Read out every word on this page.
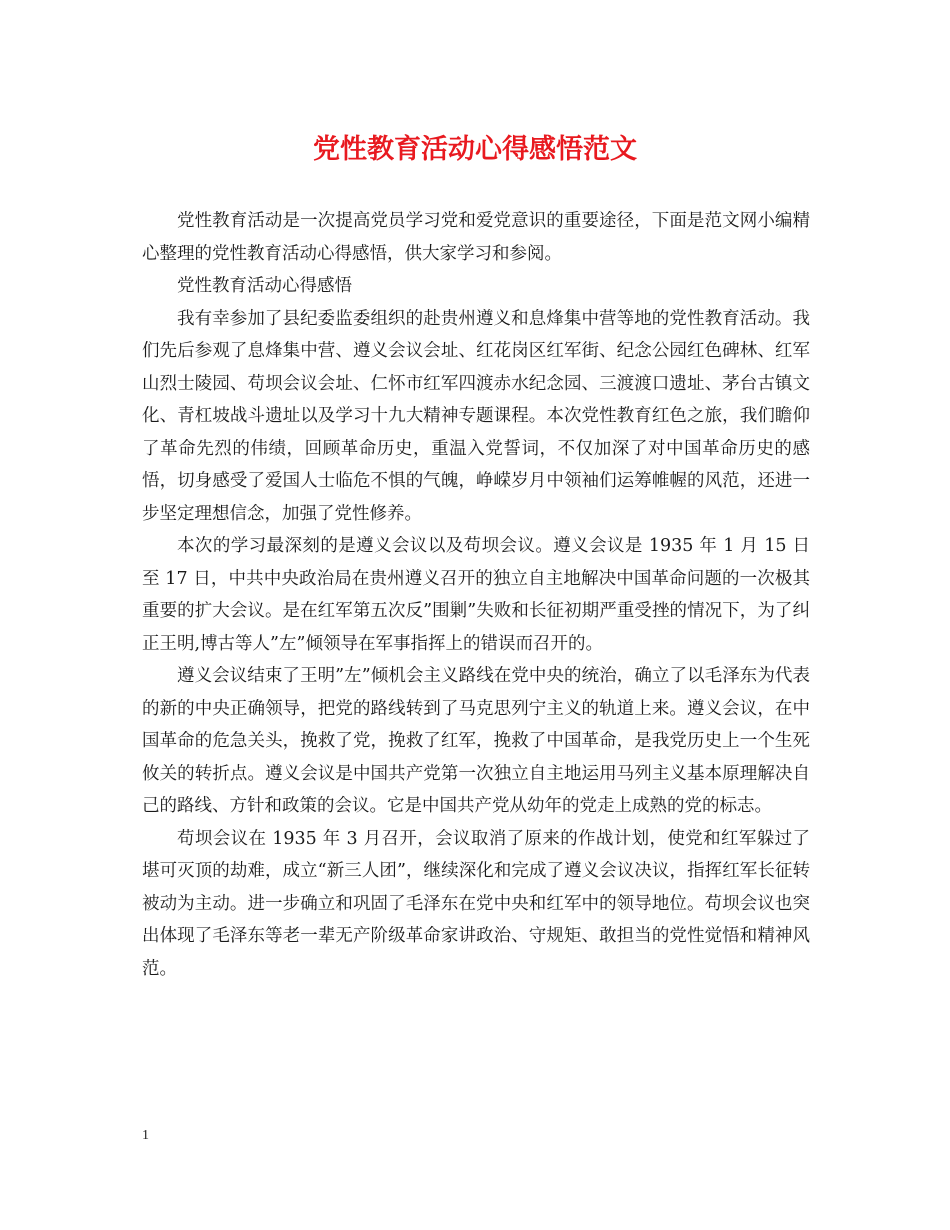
党性教育活动心得感悟范文

党性教育活动是一次提高党员学习党和爱党意识的重要途径，下面是范文网小编精心整理的党性教育活动心得感悟，供大家学习和参阅。

党性教育活动心得感悟

我有幸参加了县纪委监委组织的赴贵州遵义和息烽集中营等地的党性教育活动。我们先后参观了息烽集中营、遵义会议会址、红花岗区红军街、纪念公园红色碑林、红军山烈士陵园、苟坝会议会址、仁怀市红军四渡赤水纪念园、三渡渡口遗址、茅台古镇文化、青杠坡战斗遗址以及学习十九大精神专题课程。本次党性教育红色之旅，我们瞻仰了革命先烈的伟绩，回顾革命历史，重温入党誓词，不仅加深了对中国革命历史的感悟，切身感受了爱国人士临危不惧的气魄，峥嵘岁月中领袖们运筹帷幄的风范，还进一步坚定理想信念，加强了党性修养。

本次的学习最深刻的是遵义会议以及苟坝会议。遵义会议是 1935 年 1 月 15 日至 17 日，中共中央政治局在贵州遵义召开的独立自主地解决中国革命问题的一次极其重要的扩大会议。是在红军第五次反”围剿”失败和长征初期严重受挫的情况下，为了纠正王明,博古等人”左”倾领导在军事指挥上的错误而召开的。

遵义会议结束了王明”左”倾机会主义路线在党中央的统治，确立了以毛泽东为代表的新的中央正确领导，把党的路线转到了马克思列宁主义的轨道上来。遵义会议，在中国革命的危急关头，挽救了党，挽救了红军，挽救了中国革命，是我党历史上一个生死攸关的转折点。遵义会议是中国共产党第一次独立自主地运用马列主义基本原理解决自己的路线、方针和政策的会议。它是中国共产党从幼年的党走上成熟的党的标志。

苟坝会议在 1935 年 3 月召开，会议取消了原来的作战计划，使党和红军躲过了堪可灭顶的劫难，成立“新三人团”，继续深化和完成了遵义会议决议，指挥红军长征转被动为主动。进一步确立和巩固了毛泽东在党中央和红军中的领导地位。苟坝会议也突出体现了毛泽东等老一辈无产阶级革命家讲政治、守规矩、敢担当的党性觉悟和精神风范。

1
